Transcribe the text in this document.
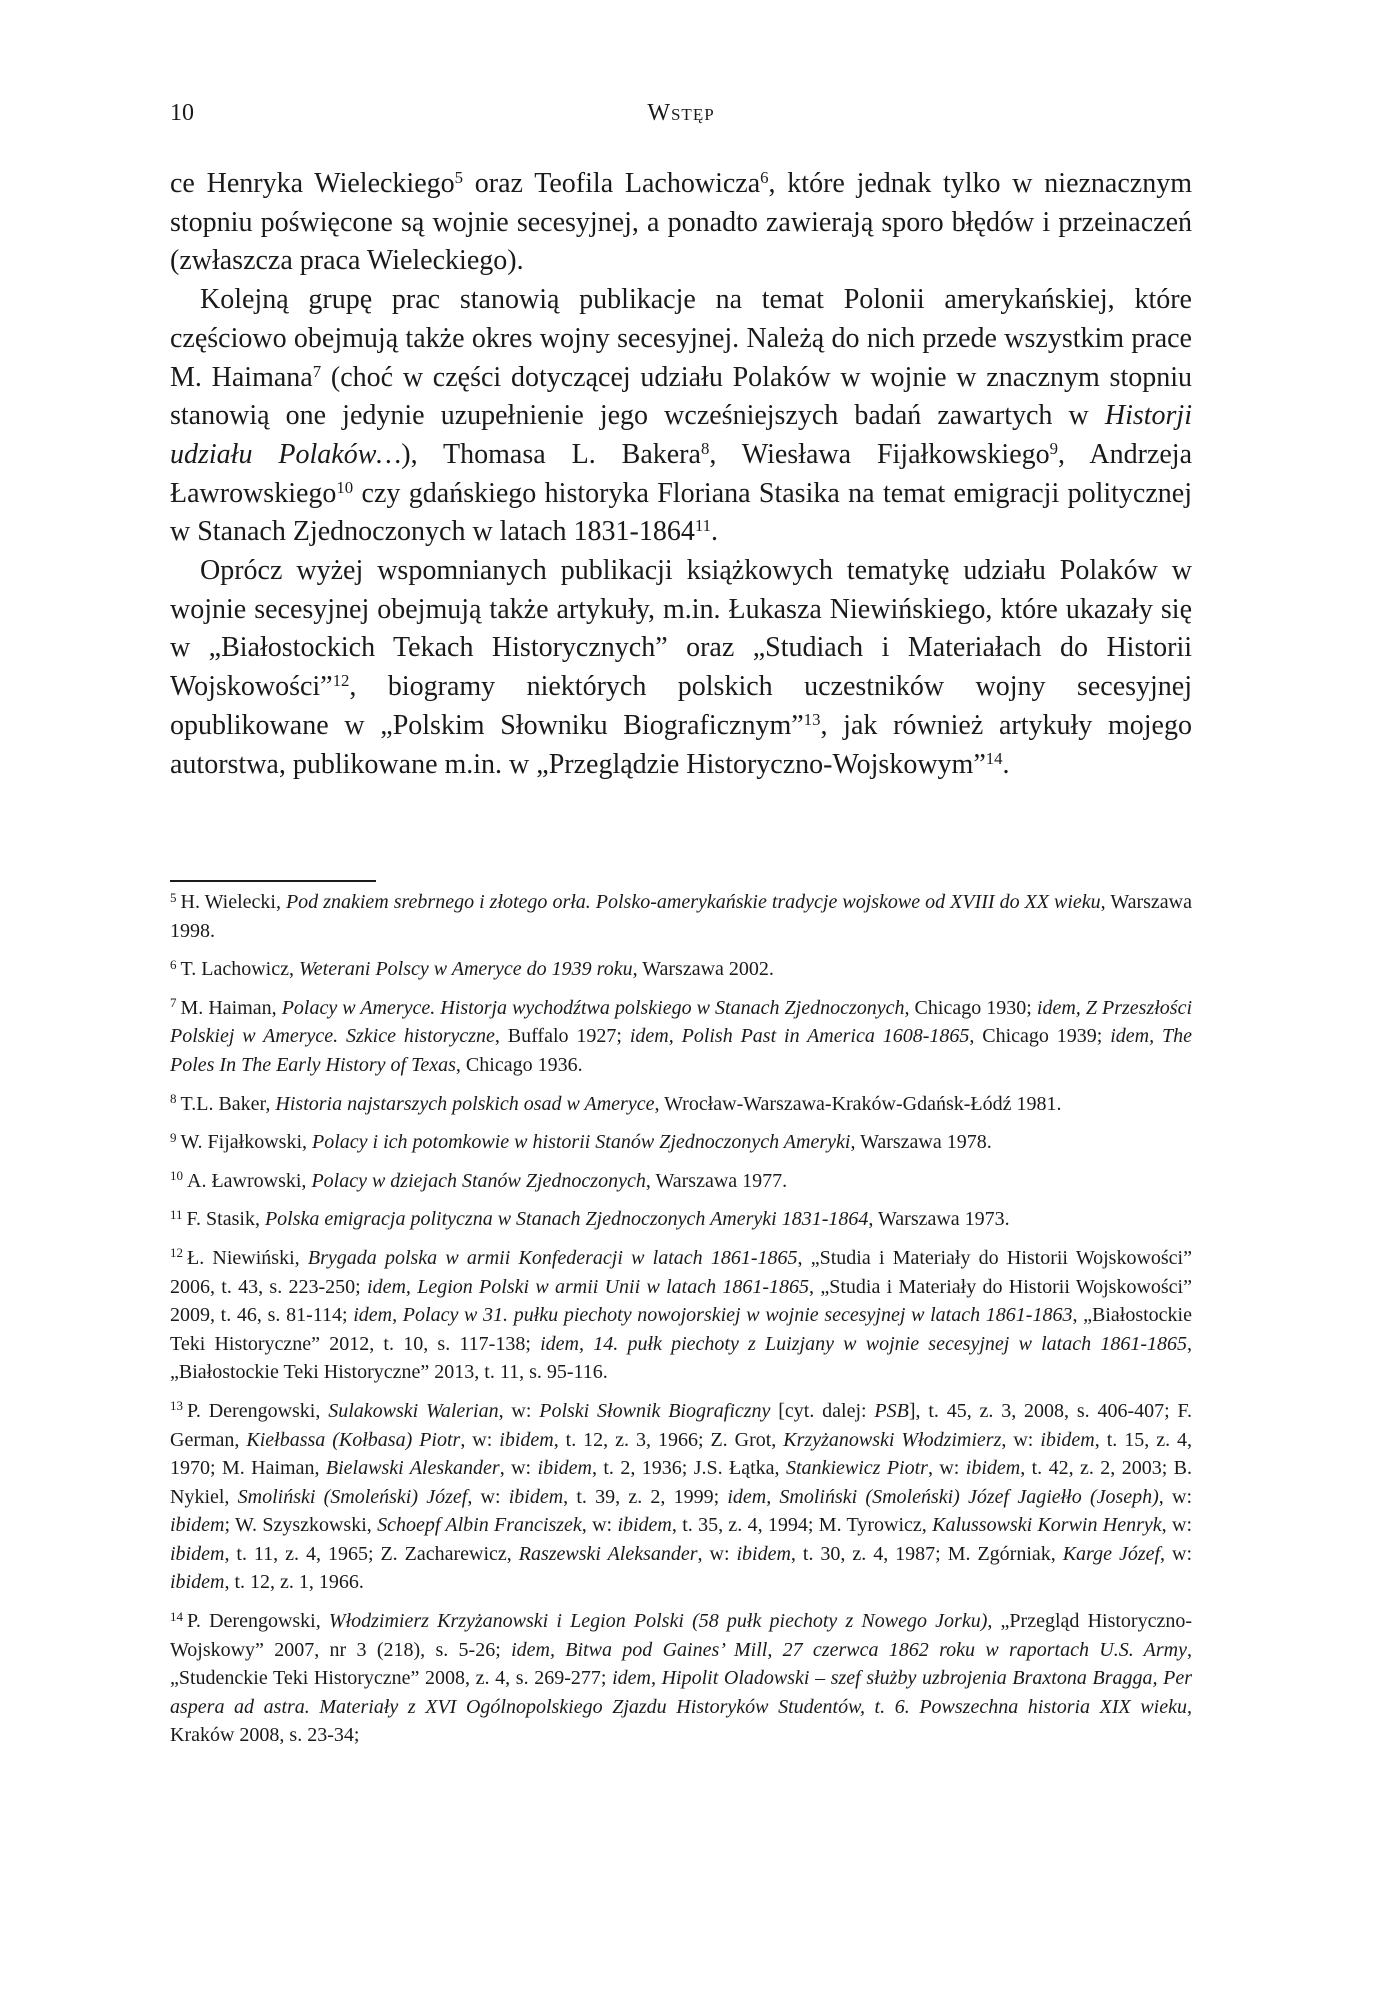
10	Wstęp

ce Henryka Wieleckiego$^5$ oraz Teofila Lachowicza$^6$, które jednak tylko w nieznacznym stopniu poświęcone są wojnie secesyjnej, a ponadto zawierają sporo błędów i przeinaczeń (zwłaszcza praca Wieleckiego).

Kolejną grupę prac stanowią publikacje na temat Polonii amerykańskiej, które częściowo obejmują także okres wojny secesyjnej. Należą do nich przede wszystkim prace M. Haimana$^7$ (choć w części dotyczącej udziału Polaków w wojnie w znacznym stopniu stanowią one jedynie uzupełnienie jego wcześniejszych badań zawartych w Historji udziału Polaków…), Thomasa L. Bakera$^8$, Wiesława Fijałkowskiego$^9$, Andrzeja Ławrowskiego$^{10}$ czy gdańskiego historyka Floriana Stasika na temat emigracji politycznej w Stanach Zjednoczonych w latach 1831-1864$^{11}$.

Oprócz wyżej wspomnianych publikacji książkowych tematykę udziału Polaków w wojnie secesyjnej obejmują także artykuły, m.in. Łukasza Niewińskiego, które ukazały się w „Białostockich Tekach Historycznych” oraz „Studiach i Materiałach do Historii Wojskowości”$^{12}$, biogramy niektórych polskich uczestników wojny secesyjnej opublikowane w „Polskim Słowniku Biograficznym”$^{13}$, jak również artykuły mojego autorstwa, publikowane m.in. w „Przeglądzie Historyczno-Wojskowym”$^{14}$.

$^5$ H. Wielecki, Pod znakiem srebrnego i złotego orła. Polsko-amerykańskie tradycje wojskowe od XVIII do XX wieku, Warszawa 1998.

$^6$ T. Lachowicz, Weterani Polscy w Ameryce do 1939 roku, Warszawa 2002.

$^7$ M. Haiman, Polacy w Ameryce. Historja wychodźtwa polskiego w Stanach Zjednoczonych, Chicago 1930; idem, Z Przeszłości Polskiej w Ameryce. Szkice historyczne, Buffalo 1927; idem, Polish Past in America 1608-1865, Chicago 1939; idem, The Poles In The Early History of Texas, Chicago 1936.

$^8$ T.L. Baker, Historia najstarszych polskich osad w Ameryce, Wrocław-Warszawa-Kraków-Gdańsk-Łódź 1981.

$^9$ W. Fijałkowski, Polacy i ich potomkowie w historii Stanów Zjednoczonych Ameryki, Warszawa 1978.

$^{10}$ A. Ławrowski, Polacy w dziejach Stanów Zjednoczonych, Warszawa 1977.

$^{11}$ F. Stasik, Polska emigracja polityczna w Stanach Zjednoczonych Ameryki 1831-1864, Warszawa 1973.

$^{12}$ Ł. Niewiński, Brygada polska w armii Konfederacji w latach 1861-1865, „Studia i Materiały do Historii Wojskowości” 2006, t. 43, s. 223-250; idem, Legion Polski w armii Unii w latach 1861-1865, „Studia i Materiały do Historii Wojskowości” 2009, t. 46, s. 81-114; idem, Polacy w 31. pułku piechoty nowojorskiej w wojnie secesyjnej w latach 1861-1863, „Białostockie Teki Historyczne” 2012, t. 10, s. 117-138; idem, 14. pułk piechoty z Luizjany w wojnie secesyjnej w latach 1861-1865, „Białostockie Teki Historyczne” 2013, t. 11, s. 95-116.

$^{13}$ P. Derengowski, Sulakowski Walerian, w: Polski Słownik Biograficzny [cyt. dalej: PSB], t. 45, z. 3, 2008, s. 406-407; F. German, Kiełbassa (Kołbasa) Piotr, w: ibidem, t. 12, z. 3, 1966; Z. Grot, Krzyżanowski Włodzimierz, w: ibidem, t. 15, z. 4, 1970; M. Haiman, Bielawski Aleskander, w: ibidem, t. 2, 1936; J.S. Łątka, Stankiewicz Piotr, w: ibidem, t. 42, z. 2, 2003; B. Nykiel, Smoliński (Smoleński) Józef, w: ibidem, t. 39, z. 2, 1999; idem, Smoliński (Smoleński) Józef Jagiełło (Joseph), w: ibidem; W. Szyszkowski, Schoepf Albin Franciszek, w: ibidem, t. 35, z. 4, 1994; M. Tyrowicz, Kalussowski Korwin Henryk, w: ibidem, t. 11, z. 4, 1965; Z. Zacharewicz, Raszewski Aleksander, w: ibidem, t. 30, z. 4, 1987; M. Zgórniak, Karge Józef, w: ibidem, t. 12, z. 1, 1966.

$^{14}$ P. Derengowski, Włodzimierz Krzyżanowski i Legion Polski (58 pułk piechoty z Nowego Jorku), „Przegląd Historyczno-Wojskowy” 2007, nr 3 (218), s. 5-26; idem, Bitwa pod Gaines’ Mill, 27 czerwca 1862 roku w raportach U.S. Army, „Studenckie Teki Historyczne” 2008, z. 4, s. 269-277; idem, Hipolit Oladowski – szef służby uzbrojenia Braxtona Bragga, Per aspera ad astra. Materiały z XVI Ogólnopolskiego Zjazdu Historyków Studentów, t. 6. Powszechna historia XIX wieku, Kraków 2008, s. 23-34;
